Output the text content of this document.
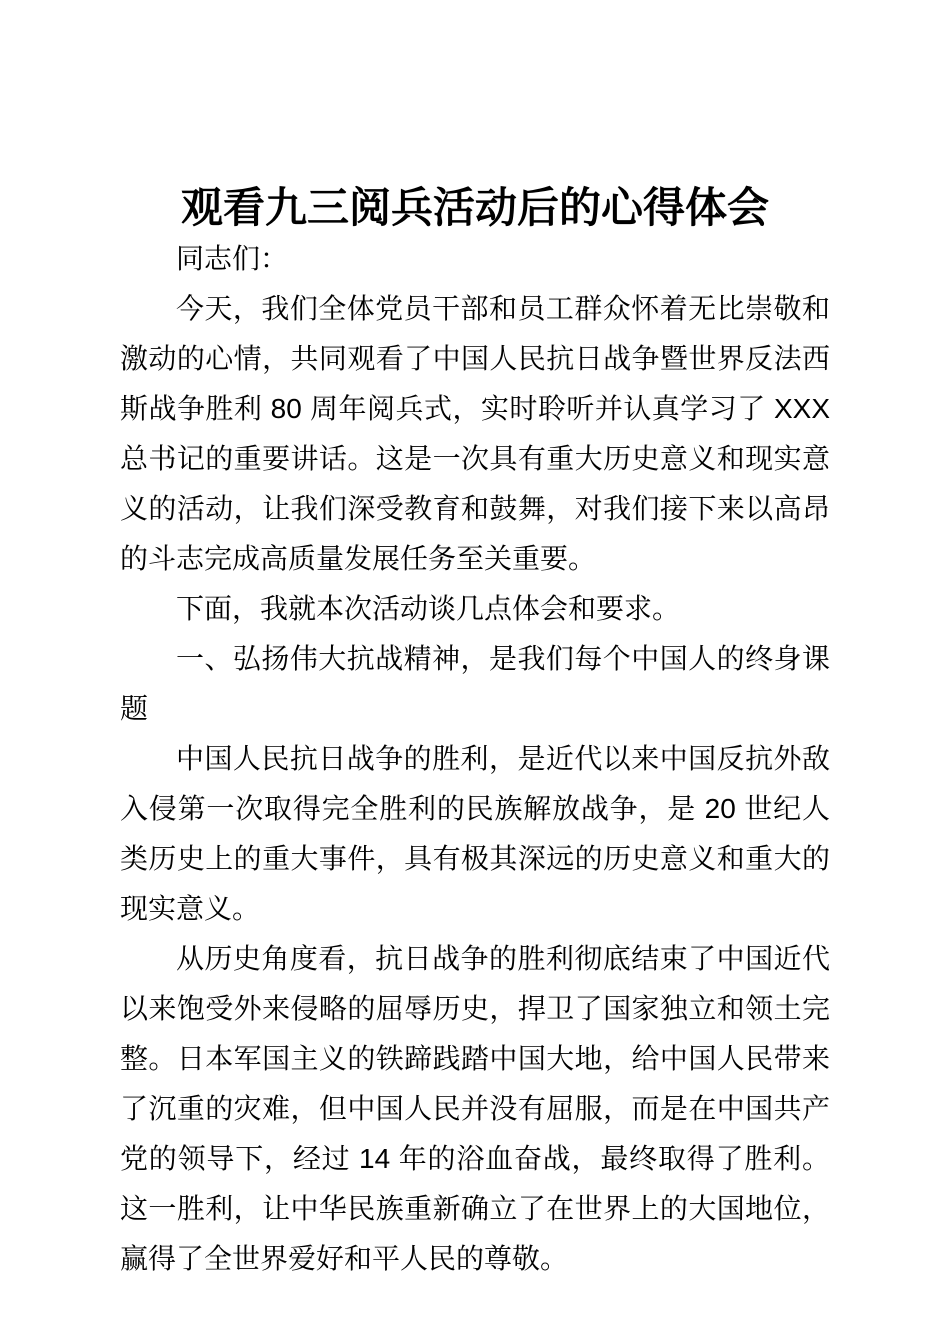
观看九三阅兵活动后的心得体会

同志们：

今天，我们全体党员干部和员工群众怀着无比崇敬和激动的心情，共同观看了中国人民抗日战争暨世界反法西斯战争胜利 80 周年阅兵式，实时聆听并认真学习了 XXX 总书记的重要讲话。这是一次具有重大历史意义和现实意义的活动，让我们深受教育和鼓舞，对我们接下来以高昂的斗志完成高质量发展任务至关重要。

下面，我就本次活动谈几点体会和要求。

一、弘扬伟大抗战精神，是我们每个中国人的终身课题

中国人民抗日战争的胜利，是近代以来中国反抗外敌入侵第一次取得完全胜利的民族解放战争，是 20 世纪人类历史上的重大事件，具有极其深远的历史意义和重大的现实意义。

从历史角度看，抗日战争的胜利彻底结束了中国近代以来饱受外来侵略的屈辱历史，捍卫了国家独立和领土完整。日本军国主义的铁蹄践踏中国大地，给中国人民带来了沉重的灾难，但中国人民并没有屈服，而是在中国共产党的领导下，经过 14 年的浴血奋战，最终取得了胜利。这一胜利，让中华民族重新确立了在世界上的大国地位，赢得了全世界爱好和平人民的尊敬。
